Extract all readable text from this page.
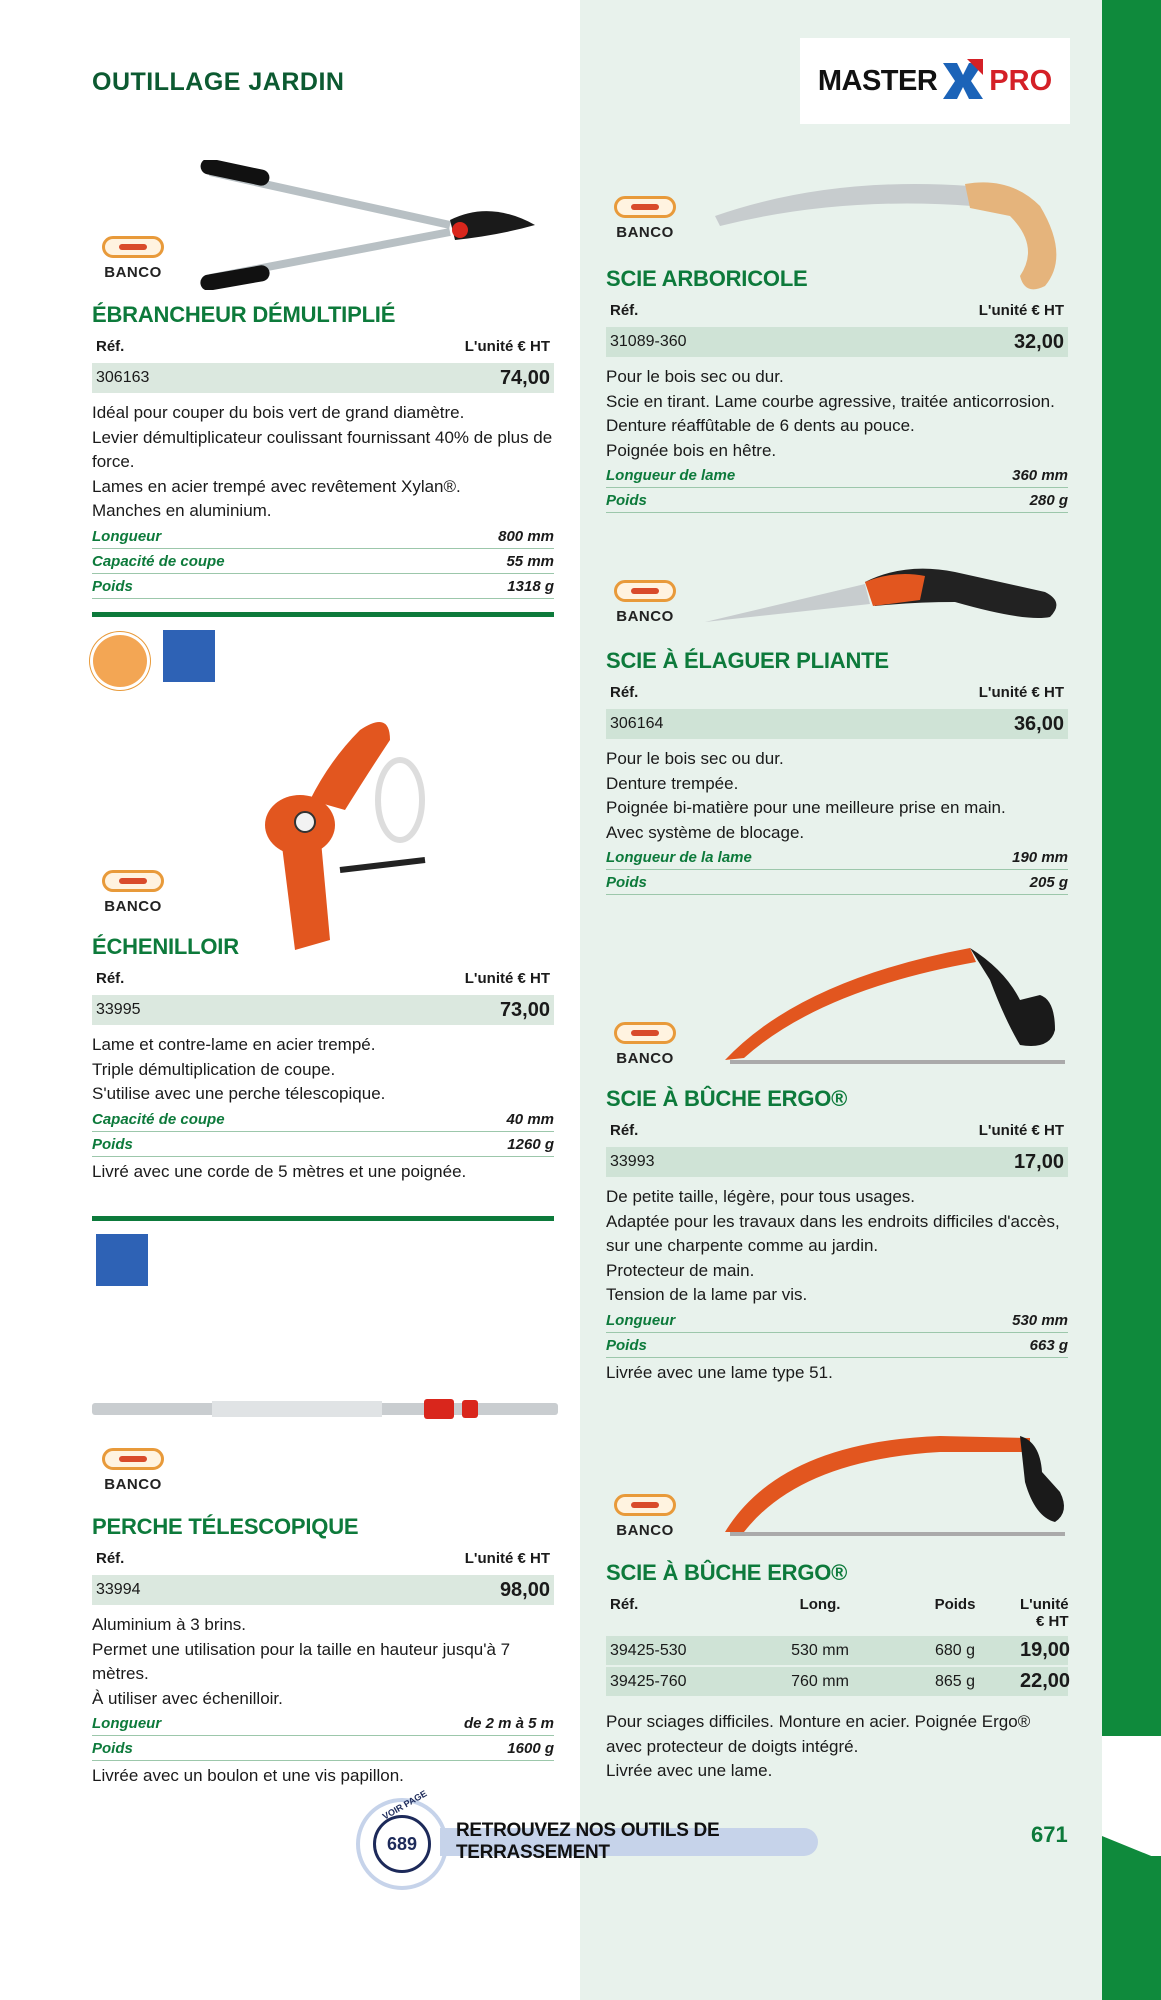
OUTILLAGE JARDIN	MASTER PRO
BANCO
ÉBRANCHEUR DÉMULTIPLIÉ
Réf.	L'unité € HT
306163	74,00
Idéal pour couper du bois vert de grand diamètre.
Levier démultiplicateur coulissant fournissant 40% de plus de force.
Lames en acier trempé avec revêtement Xylan®.
Manches en aluminium.
Longueur	800 mm
Capacité de coupe	55 mm
Poids	1318 g
BANCO
ÉCHENILLOIR
Réf.	L'unité € HT
33995	73,00
Lame et contre-lame en acier trempé.
Triple démultiplication de coupe.
S'utilise avec une perche télescopique.
Capacité de coupe	40 mm
Poids	1260 g
Livré avec une corde de 5 mètres et une poignée.
BANCO
PERCHE TÉLESCOPIQUE
Réf.	L'unité € HT
33994	98,00
Aluminium à 3 brins.
Permet une utilisation pour la taille en hauteur jusqu'à 7 mètres.
À utiliser avec échenilloir.
Longueur	de 2 m à 5 m
Poids	1600 g
Livrée avec un boulon et une vis papillon.
BANCO
SCIE ARBORICOLE
Réf.	L'unité € HT
31089-360	32,00
Pour le bois sec ou dur.
Scie en tirant. Lame courbe agressive, traitée anticorrosion.
Denture réaffûtable de 6 dents au pouce.
Poignée bois en hêtre.
Longueur de lame	360 mm
Poids	280 g
BANCO
SCIE À ÉLAGUER PLIANTE
Réf.	L'unité € HT
306164	36,00
Pour le bois sec ou dur.
Denture trempée.
Poignée bi-matière pour une meilleure prise en main.
Avec système de blocage.
Longueur de la lame	190 mm
Poids	205 g
BANCO
SCIE À BÛCHE ERGO®
Réf.	L'unité € HT
33993	17,00
De petite taille, légère, pour tous usages.
Adaptée pour les travaux dans les endroits difficiles d'accès,
sur une charpente comme au jardin.
Protecteur de main.
Tension de la lame par vis.
Longueur	530 mm
Poids	663 g
Livrée avec une lame type 51.
BANCO
SCIE À BÛCHE ERGO®
Réf.	Long.	Poids	L'unité € HT
39425-530	530 mm	680 g	19,00
39425-760	760 mm	865 g	22,00
Pour sciages difficiles. Monture en acier. Poignée Ergo®
avec protecteur de doigts intégré.
Livrée avec une lame.
689
VOIR PAGE
RETROUVEZ NOS OUTILS DE TERRASSEMENT
671
